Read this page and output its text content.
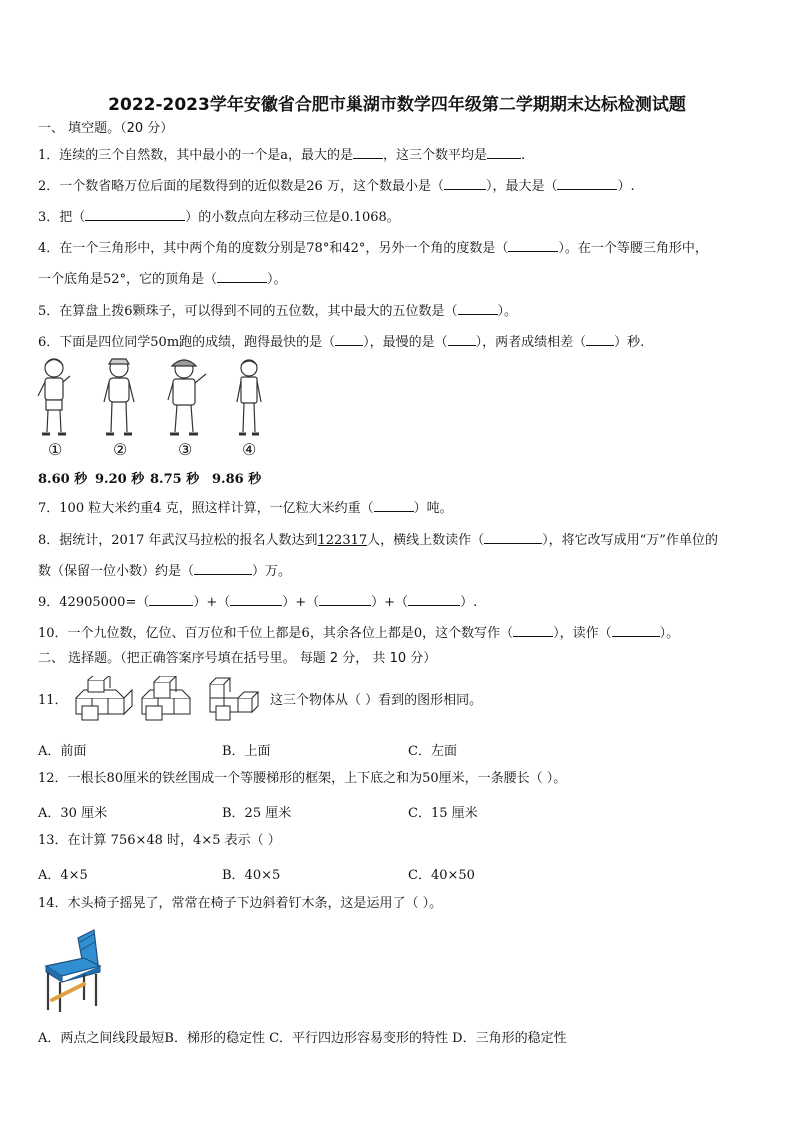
2022-2023学年安徽省合肥市巢湖市数学四年级第二学期期末达标检测试题
一、 填空题。（20 分）
1．连续的三个自然数，其中最小的一个是a，最大的是 ，这三个数平均是	.
2．一个数省略万位后面的尾数得到的近似数是26 万，这个数最小是（	），最大是（	）.
3．把（	）的小数点向左移动三位是0.1068。
4．在一个三角形中，其中两个角的度数分别是78°和42°，另外一个角的度数是（	）。在一个等腰三角形中，
一个底角是52°，它的顶角是（	）。
5．在算盘上拨6颗珠子，可以得到不同的五位数，其中最大的五位数是（	）。
6．下面是四位同学50m跑的成绩，跑得最快的是（ ），最慢的是（ ），两者成绩相差（ ）秒.
①	②	③	④
8.60 秒 9.20 秒 8.75 秒 9.86 秒
7．100 粒大米约重4 克，照这样计算，一亿粒大米约重（	）吨。
8．据统计，2017 年武汉马拉松的报名人数达到122317人，横线上数读作（	），将它改写成用“万”作单位的
数（保留一位小数）约是（	）万。
9．42905000=（	）+（	）+（	）+（	）.
10．一个九位数，亿位、百万位和千位上都是6，其余各位上都是0，这个数写作（	），读作（	）。
二、 选择题。（把正确答案序号填在括号里。 每题 2 分， 共 10 分）
11．	这三个物体从（ ）看到的图形相同。
A．前面	B．上面	C．左面
12．一根长80厘米的铁丝围成一个等腰梯形的框架，上下底之和为50厘米，一条腰长（ ）。
A．30 厘米	B．25 厘米	C．15 厘米
13．在计算 756×48 时，4×5 表示（ ）
A．4×5	B．40×5	C．40×50
14．木头椅子摇晃了，常常在椅子下边斜着钉木条，这是运用了（ ）。
A．两点之间线段最短B．梯形的稳定性 C．平行四边形容易变形的特性 D．三角形的稳定性
